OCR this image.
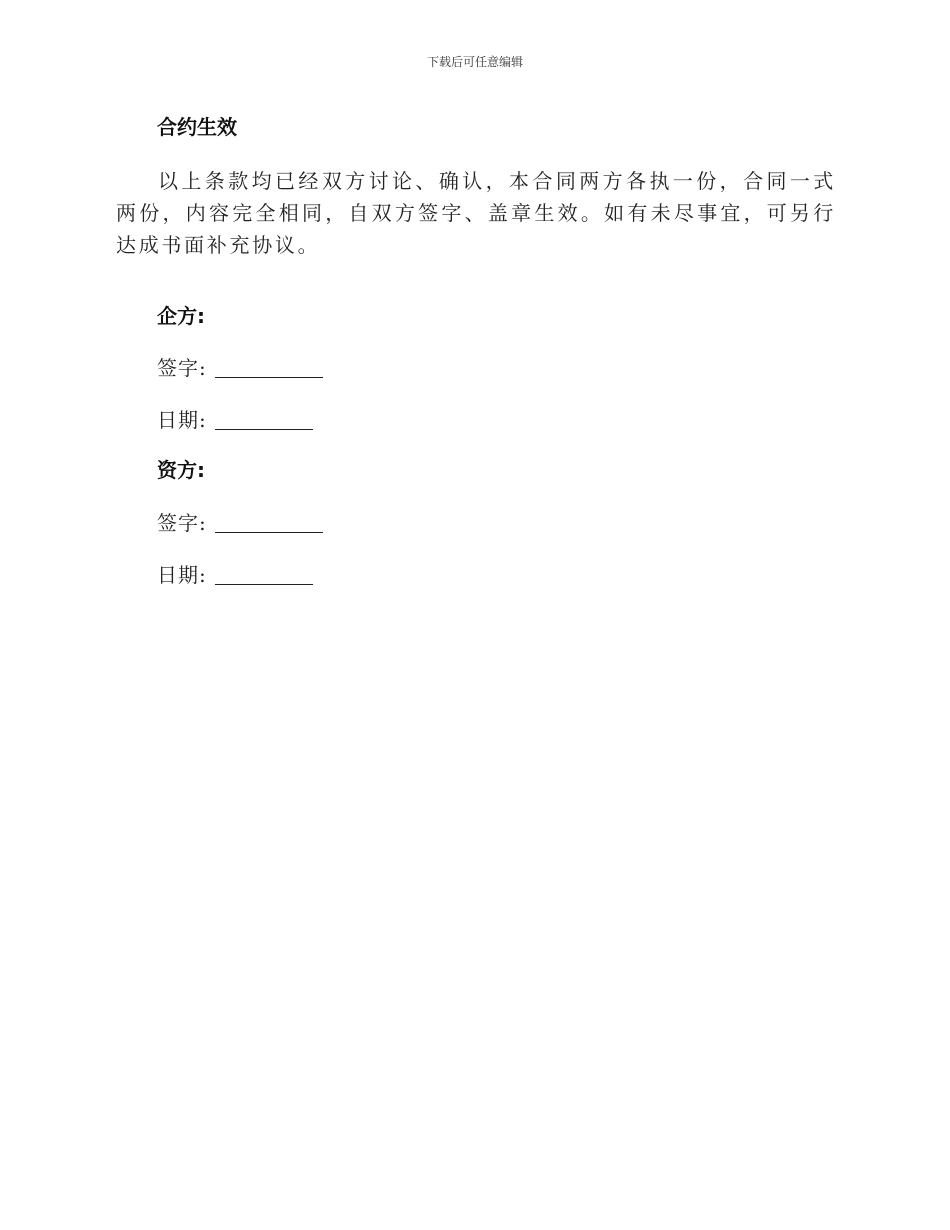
下载后可任意编辑
合约生效

以上条款均已经双方讨论、确认，本合同两方各执一份，合同一式两份，内容完全相同，自双方签字、盖章生效。如有未尽事宜，可另行达成书面补充协议。

企方:
签字:
日期:
资方:
签字:
日期:
